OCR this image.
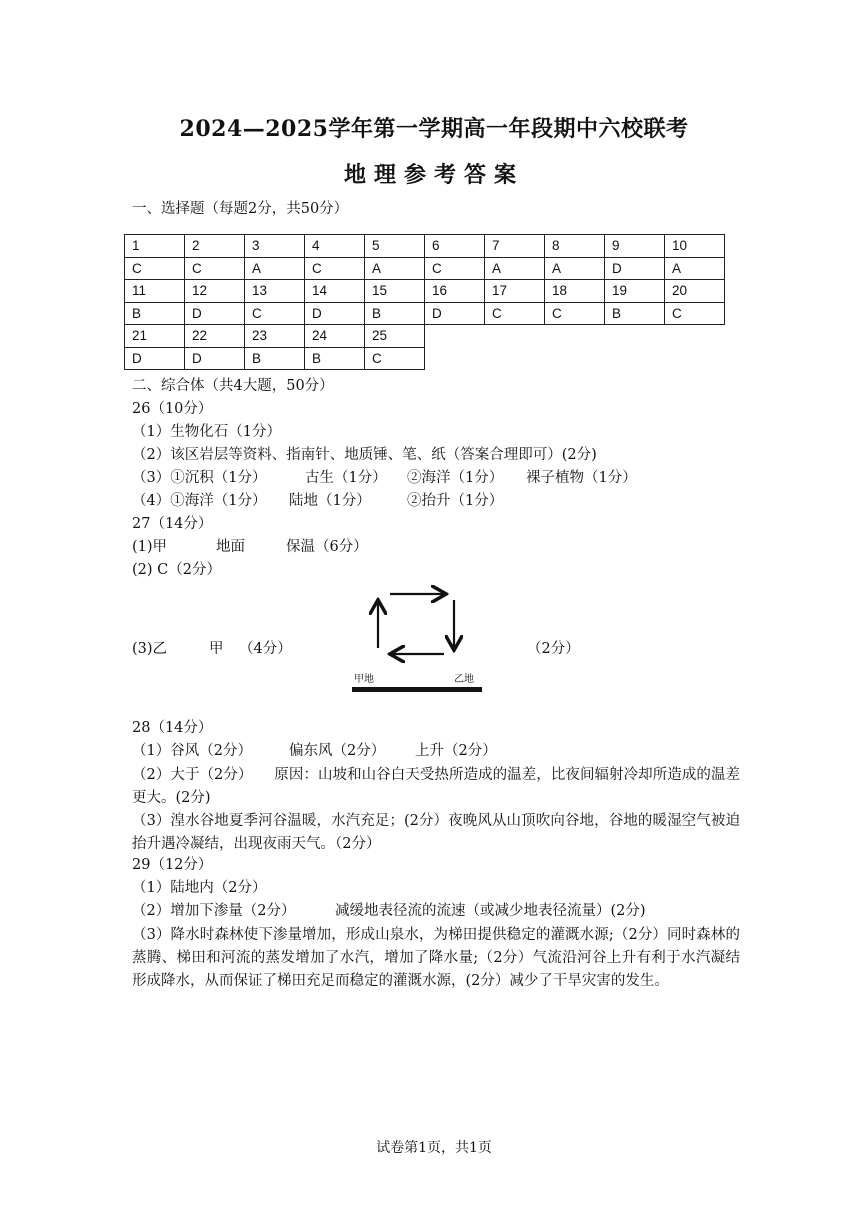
2024—2025学年第一学期高一年段期中六校联考
地理参考答案
一、选择题（每题2分，共50分）
1	2	3	4	5	6	7	8	9	10
C	C	A	C	A	C	A	A	D	A
11	12	13	14	15	16	17	18	19	20
B	D	C	D	B	D	C	C	B	C
21	22	23	24	25					
D	D	B	B	C					
二、综合体（共4大题，50分）
26（10分）
（1）生物化石（1分）
（2）该区岩层等资料、指南针、地质锤、笔、纸（答案合理即可）(2分)
（3）①沉积（1分）	古生（1分） ②海洋（1分） 裸子植物（1分）
（4）①海洋（1分） 陆地（1分）	②抬升（1分）
27（14分）
(1)甲	地面	保温（6分）
(2) C（2分）
(3)乙	甲 （4分）	（2分）
甲地	乙地
28（14分）
（1）谷风（2分）	偏东风（2分） 上升（2分）
（2）大于（2分）　　原因：山坡和山谷白天受热所造成的温差，比夜间辐射冷却所造成的温差更大。(2分)
（3）湟水谷地夏季河谷温暖，水汽充足；(2分）夜晚风从山顶吹向谷地，谷地的暖湿空气被迫抬升遇冷凝结，出现夜雨天气。（2分）
29（12分）
（1）陆地内（2分）
（2）增加下渗量（2分）	减缓地表径流的流速（或减少地表径流量）(2分)
（3）降水时森林使下渗量增加，形成山泉水，为梯田提供稳定的灌溉水源;（2分）同时森林的蒸腾、梯田和河流的蒸发增加了水汽，增加了降水量;（2分）气流沿河谷上升有利于水汽凝结形成降水，从而保证了梯田充足而稳定的灌溉水源，(2分）减少了干旱灾害的发生。
试卷第1页，共1页
